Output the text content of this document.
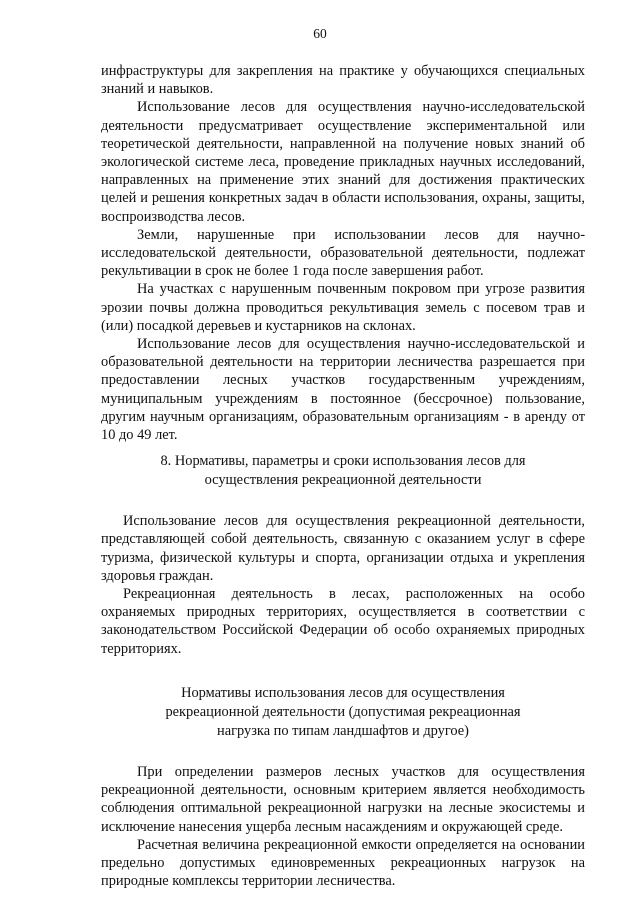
60

инфраструктуры для закрепления на практике у обучающихся специальных знаний и навыков.

Использование лесов для осуществления научно-исследовательской деятельности предусматривает осуществление экспериментальной или теоретической деятельности, направленной на получение новых знаний об экологической системе леса, проведение прикладных научных исследований, направленных на применение этих знаний для достижения практических целей и решения конкретных задач в области использования, охраны, защиты, воспроизводства лесов.

Земли, нарушенные при использовании лесов для научно-исследовательской деятельности, образовательной деятельности, подлежат рекультивации в срок не более 1 года после завершения работ.

На участках с нарушенным почвенным покровом при угрозе развития эрозии почвы должна проводиться рекультивация земель с посевом трав и (или) посадкой деревьев и кустарников на склонах.

Использование лесов для осуществления научно-исследовательской и образовательной деятельности на территории лесничества разрешается при предоставлении лесных участков государственным учреждениям, муниципальным учреждениям в постоянное (бессрочное) пользование, другим научным организациям, образовательным организациям - в аренду от 10 до 49 лет.

8. Нормативы, параметры и сроки использования лесов для
осуществления рекреационной деятельности

Использование лесов для осуществления рекреационной деятельности, представляющей собой деятельность, связанную с оказанием услуг в сфере туризма, физической культуры и спорта, организации отдыха и укрепления здоровья граждан.

Рекреационная деятельность в лесах, расположенных на особо охраняемых природных территориях, осуществляется в соответствии с законодательством Российской Федерации об особо охраняемых природных территориях.

Нормативы использования лесов для осуществления
рекреационной деятельности (допустимая рекреационная
нагрузка по типам ландшафтов и другое)

При определении размеров лесных участков для осуществления рекреационной деятельности, основным критерием является необходимость соблюдения оптимальной рекреационной нагрузки на лесные экосистемы и исключение нанесения ущерба лесным насаждениям и окружающей среде.

Расчетная величина рекреационной емкости определяется на основании предельно допустимых единовременных рекреационных нагрузок на природные комплексы территории лесничества.
